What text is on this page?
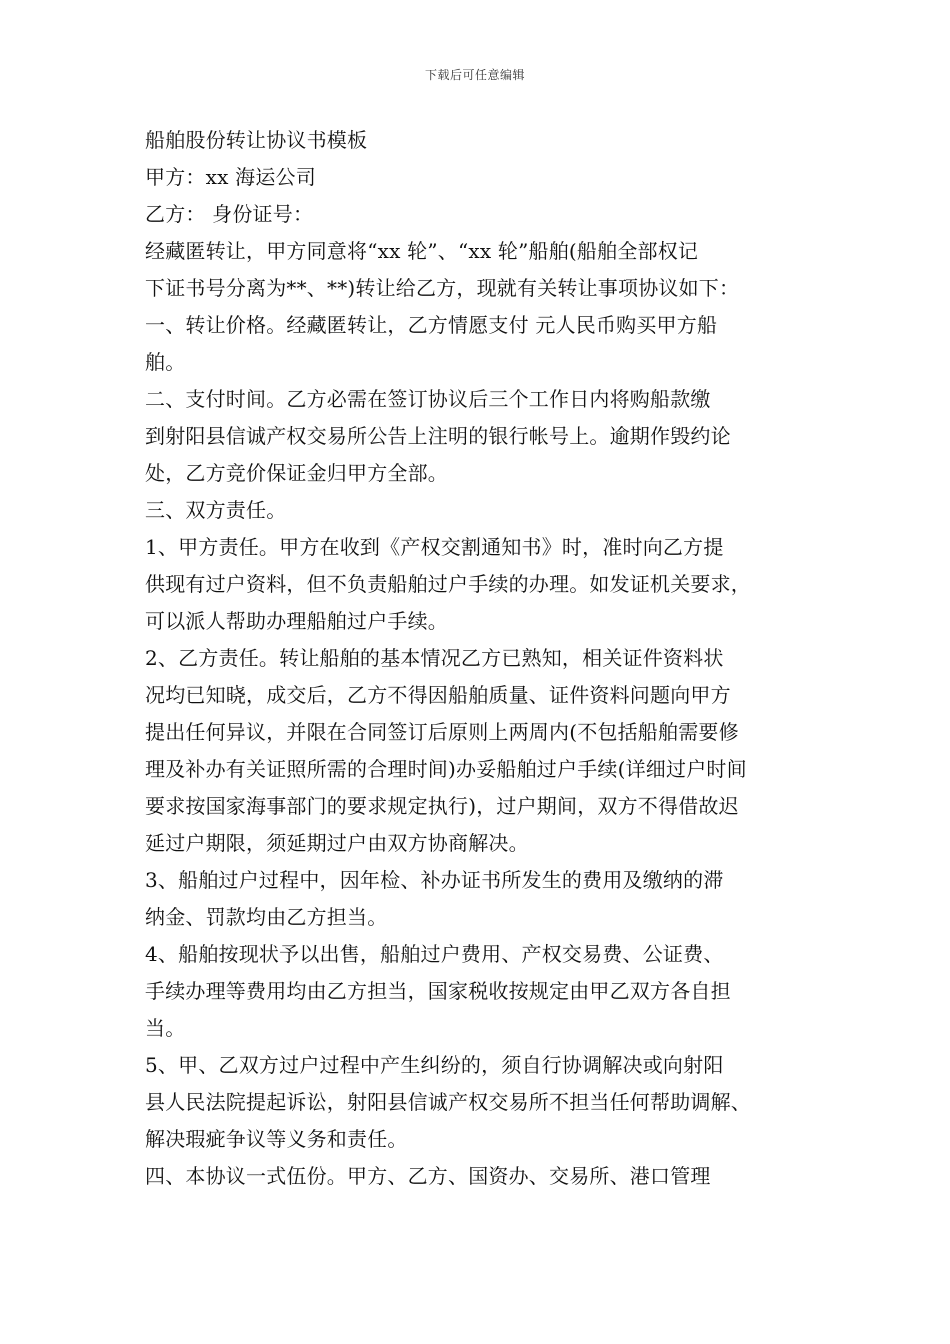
下载后可任意编辑
船舶股份转让协议书模板
甲方：xx 海运公司
乙方： 身份证号：
经藏匿转让，甲方同意将“xx 轮”、“xx 轮”船舶(船舶全部权记
下证书号分离为**、**)转让给乙方，现就有关转让事项协议如下：
一、转让价格。经藏匿转让，乙方情愿支付 元人民币购买甲方船
舶。
二、支付时间。乙方必需在签订协议后三个工作日内将购船款缴
到射阳县信诚产权交易所公告上注明的银行帐号上。逾期作毁约论
处，乙方竞价保证金归甲方全部。
三、双方责任。
1、甲方责任。甲方在收到《产权交割通知书》时，准时向乙方提
供现有过户资料，但不负责船舶过户手续的办理。如发证机关要求，
可以派人帮助办理船舶过户手续。
2、乙方责任。转让船舶的基本情况乙方已熟知，相关证件资料状
况均已知晓，成交后，乙方不得因船舶质量、证件资料问题向甲方
提出任何异议，并限在合同签订后原则上两周内(不包括船舶需要修
理及补办有关证照所需的合理时间)办妥船舶过户手续(详细过户时间
要求按国家海事部门的要求规定执行)，过户期间，双方不得借故迟
延过户期限，须延期过户由双方协商解决。
3、船舶过户过程中，因年检、补办证书所发生的费用及缴纳的滞
纳金、罚款均由乙方担当。
4、船舶按现状予以出售，船舶过户费用、产权交易费、公证费、
手续办理等费用均由乙方担当，国家税收按规定由甲乙双方各自担
当。
5、甲、乙双方过户过程中产生纠纷的，须自行协调解决或向射阳
县人民法院提起诉讼，射阳县信诚产权交易所不担当任何帮助调解、
解决瑕疵争议等义务和责任。
四、本协议一式伍份。甲方、乙方、国资办、交易所、港口管理
